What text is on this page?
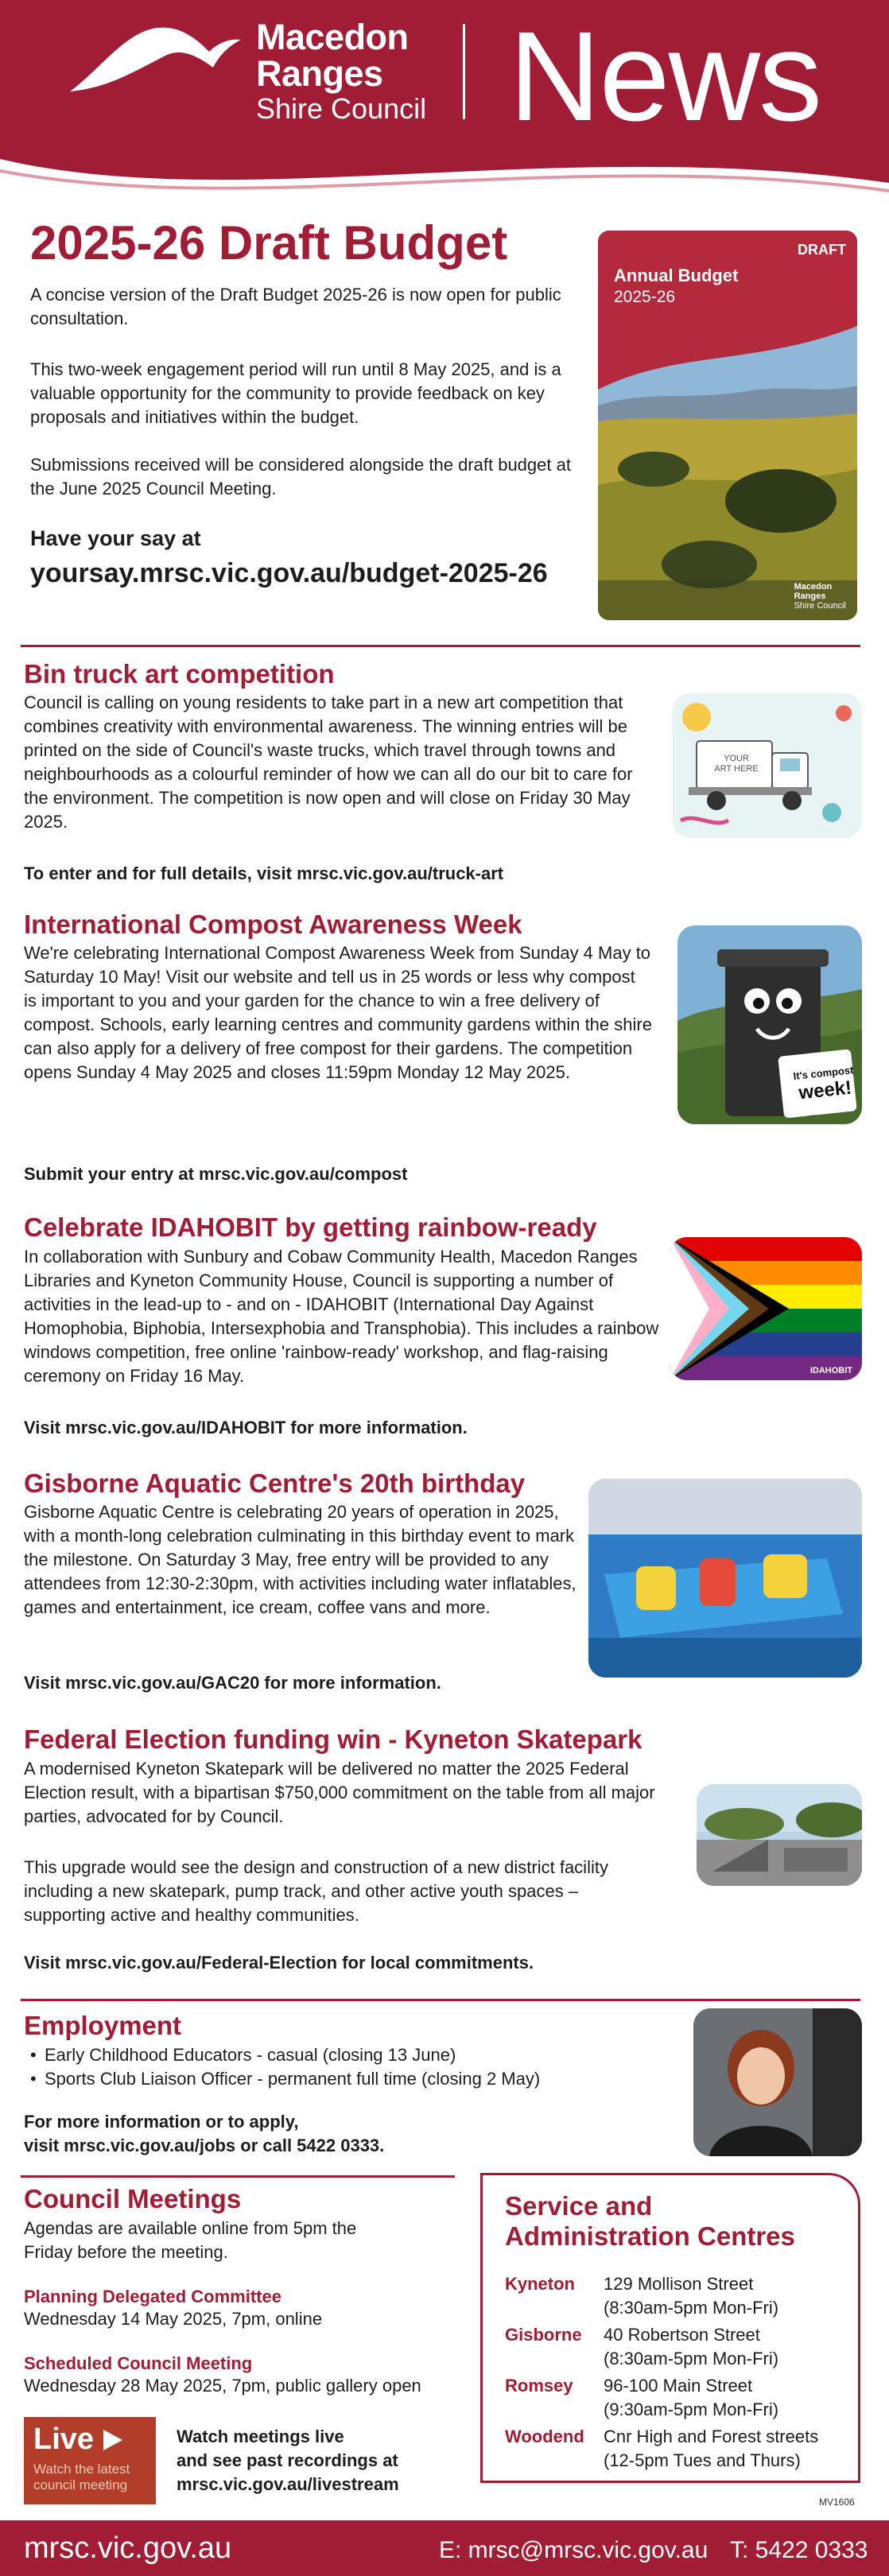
Macedon
Ranges
Shire Council News
2025-26 Draft Budget
A concise version of the Draft Budget 2025-26 is now open for public consultation.
This two-week engagement period will run until 8 May 2025, and is a valuable opportunity for the community to provide feedback on key proposals and initiatives within the budget.
Submissions received will be considered alongside the draft budget at the June 2025 Council Meeting.
Have your say at
yoursay.mrsc.vic.gov.au/budget-2025-26
DRAFT
Annual Budget
2025-26
Macedon
Ranges
Shire Council
Bin truck art competition
Council is calling on young residents to take part in a new art competition that combines creativity with environmental awareness. The winning entries will be printed on the side of Council's waste trucks, which travel through towns and neighbourhoods as a colourful reminder of how we can all do our bit to care for the environment. The competition is now open and will close on Friday 30 May 2025.
To enter and for full details, visit mrsc.vic.gov.au/truck-art
YOUR
ART HERE
International Compost Awareness Week
We're celebrating International Compost Awareness Week from Sunday 4 May to Saturday 10 May! Visit our website and tell us in 25 words or less why compost is important to you and your garden for the chance to win a free delivery of compost. Schools, early learning centres and community gardens within the shire can also apply for a delivery of free compost for their gardens. The competition opens Sunday 4 May 2025 and closes 11:59pm Monday 12 May 2025.
Submit your entry at mrsc.vic.gov.au/compost
It's compost
week!
Celebrate IDAHOBIT by getting rainbow-ready
In collaboration with Sunbury and Cobaw Community Health, Macedon Ranges Libraries and Kyneton Community House, Council is supporting a number of activities in the lead-up to - and on - IDAHOBIT (International Day Against Homophobia, Biphobia, Intersexphobia and Transphobia). This includes a rainbow windows competition, free online 'rainbow-ready' workshop, and flag-raising ceremony on Friday 16 May.
Visit mrsc.vic.gov.au/IDAHOBIT for more information.
IDAHOBIT
Gisborne Aquatic Centre's 20th birthday
Gisborne Aquatic Centre is celebrating 20 years of operation in 2025, with a month-long celebration culminating in this birthday event to mark the milestone. On Saturday 3 May, free entry will be provided to any attendees from 12:30-2:30pm, with activities including water inflatables, games and entertainment, ice cream, coffee vans and more.
Visit mrsc.vic.gov.au/GAC20 for more information.
Federal Election funding win - Kyneton Skatepark
A modernised Kyneton Skatepark will be delivered no matter the 2025 Federal Election result, with a bipartisan $750,000 commitment on the table from all major parties, advocated for by Council.
This upgrade would see the design and construction of a new district facility including a new skatepark, pump track, and other active youth spaces – supporting active and healthy communities.
Visit mrsc.vic.gov.au/Federal-Election for local commitments.
Employment
• Early Childhood Educators - casual (closing 13 June)
• Sports Club Liaison Officer - permanent full time (closing 2 May)
For more information or to apply,
visit mrsc.vic.gov.au/jobs or call 5422 0333.
Council Meetings
Agendas are available online from 5pm the Friday before the meeting.
Planning Delegated Committee
Wednesday 14 May 2025, 7pm, online
Scheduled Council Meeting
Wednesday 28 May 2025, 7pm, public gallery open
Live
Watch the latest council meeting
Watch meetings live
and see past recordings at
mrsc.vic.gov.au/livestream
Service and
Administration Centres
Kyneton 129 Mollison Street
(8:30am-5pm Mon-Fri)
Gisborne 40 Robertson Street
(8:30am-5pm Mon-Fri)
Romsey 96-100 Main Street
(9:30am-5pm Mon-Fri)
Woodend Cnr High and Forest streets
(12-5pm Tues and Thurs)
MV1606
mrsc.vic.gov.au	E: mrsc@mrsc.vic.gov.au T: 5422 0333
